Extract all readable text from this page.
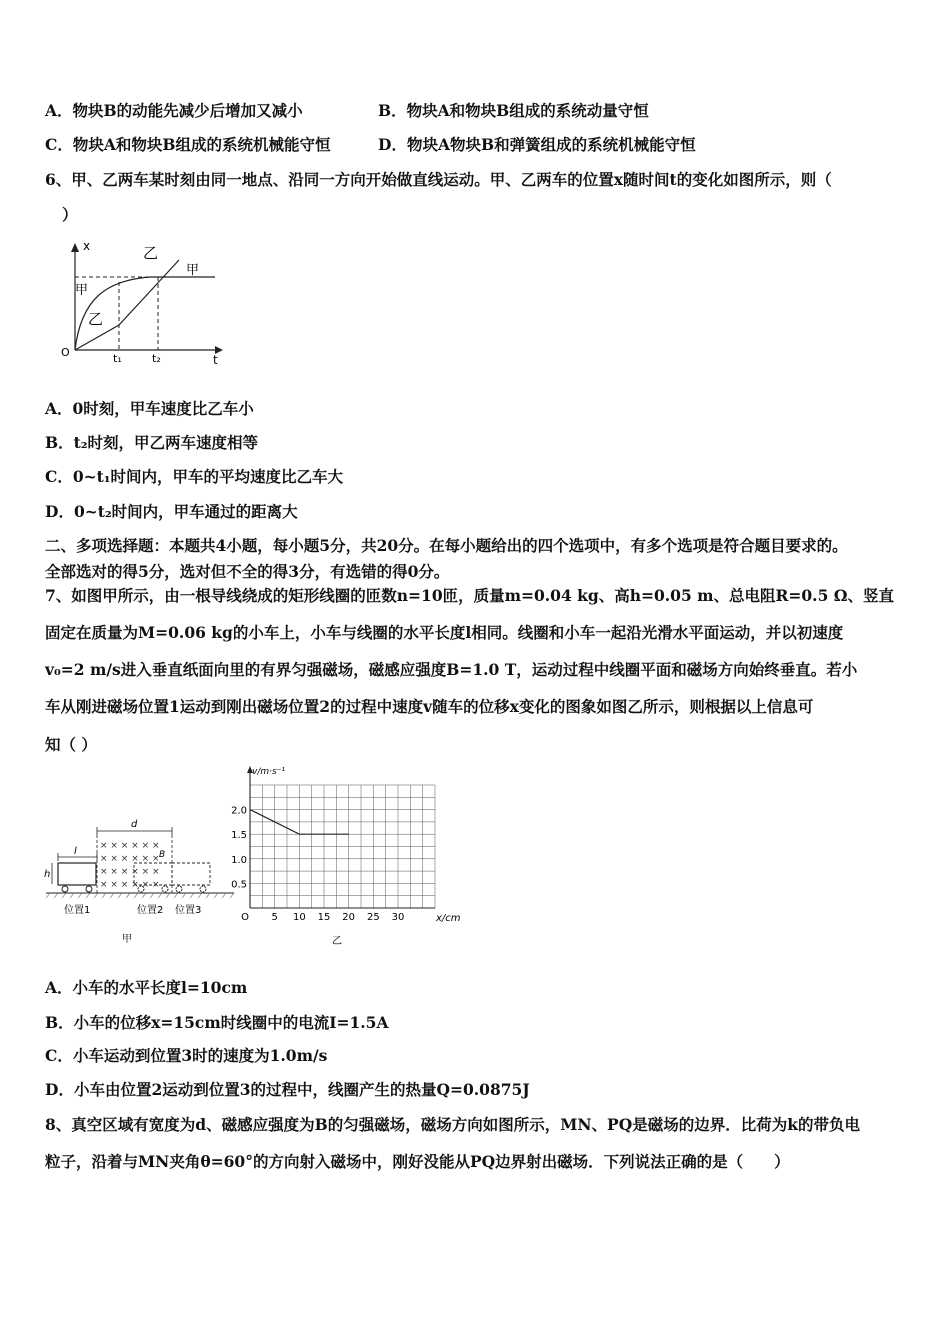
A．物块B的动能先减少后增加又减小	B．物块A和物块B组成的系统动量守恒
C．物块A和物块B组成的系统机械能守恒	D．物块A物块B和弹簧组成的系统机械能守恒
6、甲、乙两车某时刻由同一地点、沿同一方向开始做直线运动。甲、乙两车的位置x随时间t的变化如图所示，则（
）
x
t
O	t₁	t₂
乙
甲
甲
乙
A．0时刻，甲车速度比乙车小
B．t₂时刻，甲乙两车速度相等
C．0~t₁时间内，甲车的平均速度比乙车大
D．0~t₂时间内，甲车通过的距离大
二、多项选择题：本题共4小题，每小题5分，共20分。在每小题给出的四个选项中，有多个选项是符合题目要求的。
全部选对的得5分，选对但不全的得3分，有选错的得0分。
7、如图甲所示，由一根导线绕成的矩形线圈的匝数n=10匝，质量m=0.04 kg、高h=0.05 m、总电阻R=0.5 Ω、竖直
固定在质量为M=0.06 kg的小车上，小车与线圈的水平长度l相同。线圈和小车一起沿光滑水平面运动，并以初速度
v₀=2 m/s进入垂直纸面向里的有界匀强磁场，磁感应强度B=1.0 T，运动过程中线圈平面和磁场方向始终垂直。若小
车从刚进磁场位置1运动到刚出磁场位置2的过程中速度v随车的位移x变化的图象如图乙所示，则根据以上信息可
知（ ）
d
× × × × × ×
× × × × × ×
× × × × × ×
× × × × × ×
B
l
h
位置1	位置2 位置3
甲
2.0
1.5
1.0
0.5
O 5 10 15 20 25 30
v/m·s⁻¹
x/cm
乙
A．小车的水平长度l=10cm
B．小车的位移x=15cm时线圈中的电流I=1.5A
C．小车运动到位置3时的速度为1.0m/s
D．小车由位置2运动到位置3的过程中，线圈产生的热量Q=0.0875J
8、真空区域有宽度为d、磁感应强度为B的匀强磁场，磁场方向如图所示，MN、PQ是磁场的边界．比荷为k的带负电
粒子，沿着与MN夹角θ=60°的方向射入磁场中，刚好没能从PQ边界射出磁场．下列说法正确的是（　　）
